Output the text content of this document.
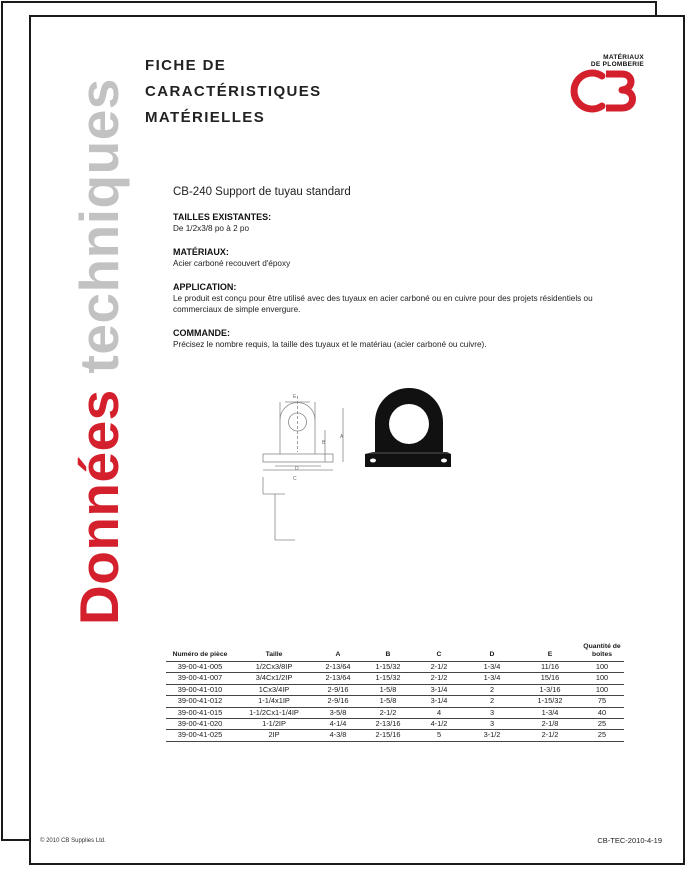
Données techniques
FICHE DE
CARACTÉRISTIQUES
MATÉRIELLES
MATÉRIAUX
DE PLOMBERIE
CB-240 Support de tuyau standard
TAILLES EXISTANTES:
De 1/2x3/8 po à 2 po
MATÉRIAUX:
Acier carboné recouvert d'époxy
APPLICATION:
Le produit est conçu pour être utilisé avec des tuyaux en acier carboné ou en cuivre pour des projets résidentiels ou commerciaux de simple envergure.
COMMANDE:
Précisez le nombre requis, la taille des tuyaux et le matériau (acier carboné ou cuivre).
E
A
B
D
C
Numéro de pièce	Taille	A	B	C	D	E	Quantité de boîtes
39-00-41-005	1/2Cx3/8IP	2-13/64	1-15/32	2-1/2	1-3/4	11/16	100
39-00-41-007	3/4Cx1/2IP	2-13/64	1-15/32	2-1/2	1-3/4	15/16	100
39-00-41-010	1Cx3/4IP	2-9/16	1-5/8	3-1/4	2	1-3/16	100
39-00-41-012	1-1/4x1IP	2-9/16	1-5/8	3-1/4	2	1-15/32	75
39-00-41-015	1-1/2Cx1-1/4IP	3-5/8	2-1/2	4	3	1-3/4	40
39-00-41-020	1-1/2IP	4-1/4	2-13/16	4-1/2	3	2-1/8	25
39-00-41-025	2IP	4-3/8	2-15/16	5	3-1/2	2-1/2	25
© 2010 CB Supplies Ltd.	CB-TEC-2010-4-19
